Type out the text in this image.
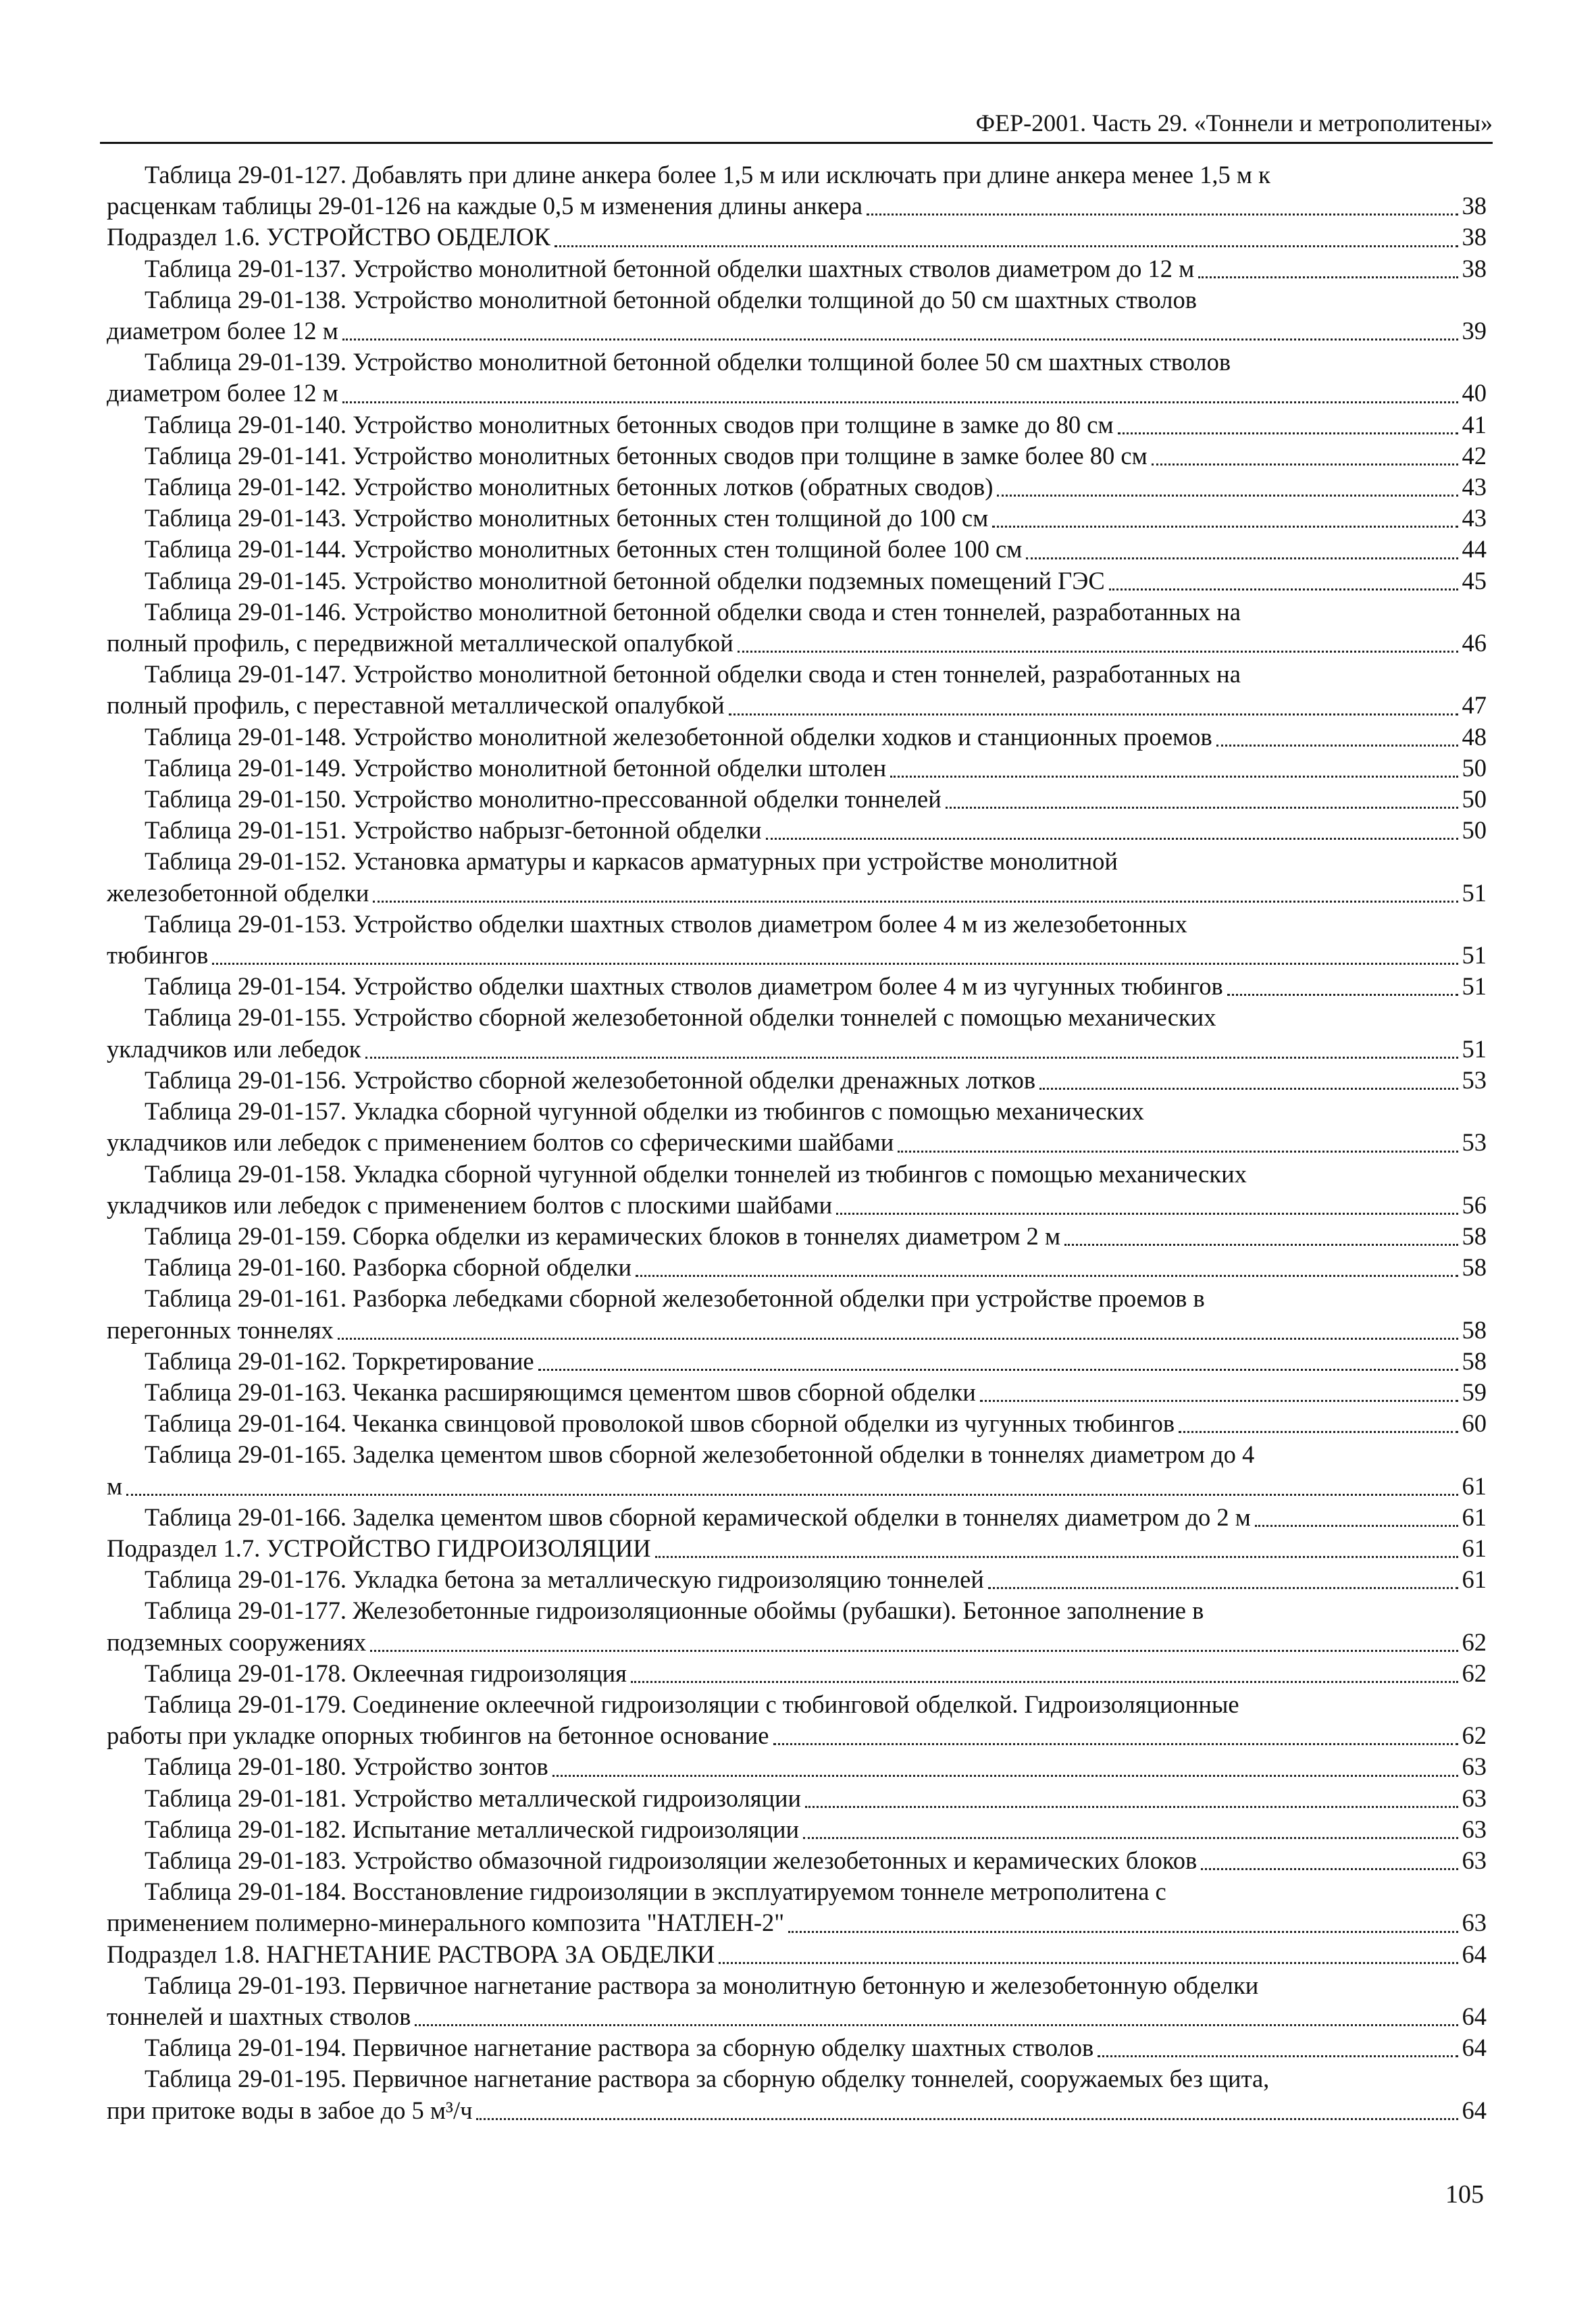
ФЕР-2001. Часть 29. «Тоннели и метрополитены»
Таблица 29-01-127. Добавлять при длине анкера более 1,5 м или исключать при длине анкера менее 1,5 м к
расценкам таблицы 29-01-126 на каждые 0,5 м изменения длины анкера	38
Подраздел 1.6. УСТРОЙСТВО ОБДЕЛОК	38
Таблица 29-01-137. Устройство монолитной бетонной обделки шахтных стволов диаметром до 12 м	38
Таблица 29-01-138. Устройство монолитной бетонной обделки толщиной до 50 см шахтных стволов
диаметром более 12 м	39
Таблица 29-01-139. Устройство монолитной бетонной обделки толщиной более 50 см шахтных стволов
диаметром более 12 м	40
Таблица 29-01-140. Устройство монолитных бетонных сводов при толщине в замке до 80 см	41
Таблица 29-01-141. Устройство монолитных бетонных сводов при толщине в замке более 80 см	42
Таблица 29-01-142. Устройство монолитных бетонных лотков (обратных сводов)	43
Таблица 29-01-143. Устройство монолитных бетонных стен толщиной до 100 см	43
Таблица 29-01-144. Устройство монолитных бетонных стен толщиной более 100 см	44
Таблица 29-01-145. Устройство монолитной бетонной обделки подземных помещений ГЭС	45
Таблица 29-01-146. Устройство монолитной бетонной обделки свода и стен тоннелей, разработанных на
полный профиль, с передвижной металлической опалубкой	46
Таблица 29-01-147. Устройство монолитной бетонной обделки свода и стен тоннелей, разработанных на
полный профиль, с переставной металлической опалубкой	47
Таблица 29-01-148. Устройство монолитной железобетонной обделки ходков и станционных проемов	48
Таблица 29-01-149. Устройство монолитной бетонной обделки штолен	50
Таблица 29-01-150. Устройство монолитно-прессованной обделки тоннелей	50
Таблица 29-01-151. Устройство набрызг-бетонной обделки	50
Таблица 29-01-152. Установка арматуры и каркасов арматурных при устройстве монолитной
железобетонной обделки	51
Таблица 29-01-153. Устройство обделки шахтных стволов диаметром более 4 м из железобетонных
тюбингов	51
Таблица 29-01-154. Устройство обделки шахтных стволов диаметром более 4 м из чугунных тюбингов	51
Таблица 29-01-155. Устройство сборной железобетонной обделки тоннелей с помощью механических
укладчиков или лебедок	51
Таблица 29-01-156. Устройство сборной железобетонной обделки дренажных лотков	53
Таблица 29-01-157. Укладка сборной чугунной обделки из тюбингов с помощью механических
укладчиков или лебедок с применением болтов со сферическими шайбами	53
Таблица 29-01-158. Укладка сборной чугунной обделки тоннелей из тюбингов с помощью механических
укладчиков или лебедок с применением болтов с плоскими шайбами	56
Таблица 29-01-159. Сборка обделки из керамических блоков в тоннелях диаметром 2 м	58
Таблица 29-01-160. Разборка сборной обделки	58
Таблица 29-01-161. Разборка лебедками сборной железобетонной обделки при устройстве проемов в
перегонных тоннелях	58
Таблица 29-01-162. Торкретирование	58
Таблица 29-01-163. Чеканка расширяющимся цементом швов сборной обделки	59
Таблица 29-01-164. Чеканка свинцовой проволокой швов сборной обделки из чугунных тюбингов	60
Таблица 29-01-165. Заделка цементом швов сборной железобетонной обделки в тоннелях диаметром до 4
м	61
Таблица 29-01-166. Заделка цементом швов сборной керамической обделки в тоннелях диаметром до 2 м	61
Подраздел 1.7. УСТРОЙСТВО ГИДРОИЗОЛЯЦИИ	61
Таблица 29-01-176. Укладка бетона за металлическую гидроизоляцию тоннелей	61
Таблица 29-01-177. Железобетонные гидроизоляционные обоймы (рубашки). Бетонное заполнение в
подземных сооружениях	62
Таблица 29-01-178. Оклеечная гидроизоляция	62
Таблица 29-01-179. Соединение оклеечной гидроизоляции с тюбинговой обделкой. Гидроизоляционные
работы при укладке опорных тюбингов на бетонное основание	62
Таблица 29-01-180. Устройство зонтов	63
Таблица 29-01-181. Устройство металлической гидроизоляции	63
Таблица 29-01-182. Испытание металлической гидроизоляции	63
Таблица 29-01-183. Устройство обмазочной гидроизоляции железобетонных и керамических блоков	63
Таблица 29-01-184. Восстановление гидроизоляции в эксплуатируемом тоннеле метрополитена с
применением полимерно-минерального композита "НАТЛЕН-2"	63
Подраздел 1.8. НАГНЕТАНИЕ РАСТВОРА ЗА ОБДЕЛКИ	64
Таблица 29-01-193. Первичное нагнетание раствора за монолитную бетонную и железобетонную обделки
тоннелей и шахтных стволов	64
Таблица 29-01-194. Первичное нагнетание раствора за сборную обделку шахтных стволов	64
Таблица 29-01-195. Первичное нагнетание раствора за сборную обделку тоннелей, сооружаемых без щита,
при притоке воды в забое до 5 м³/ч	64
105
